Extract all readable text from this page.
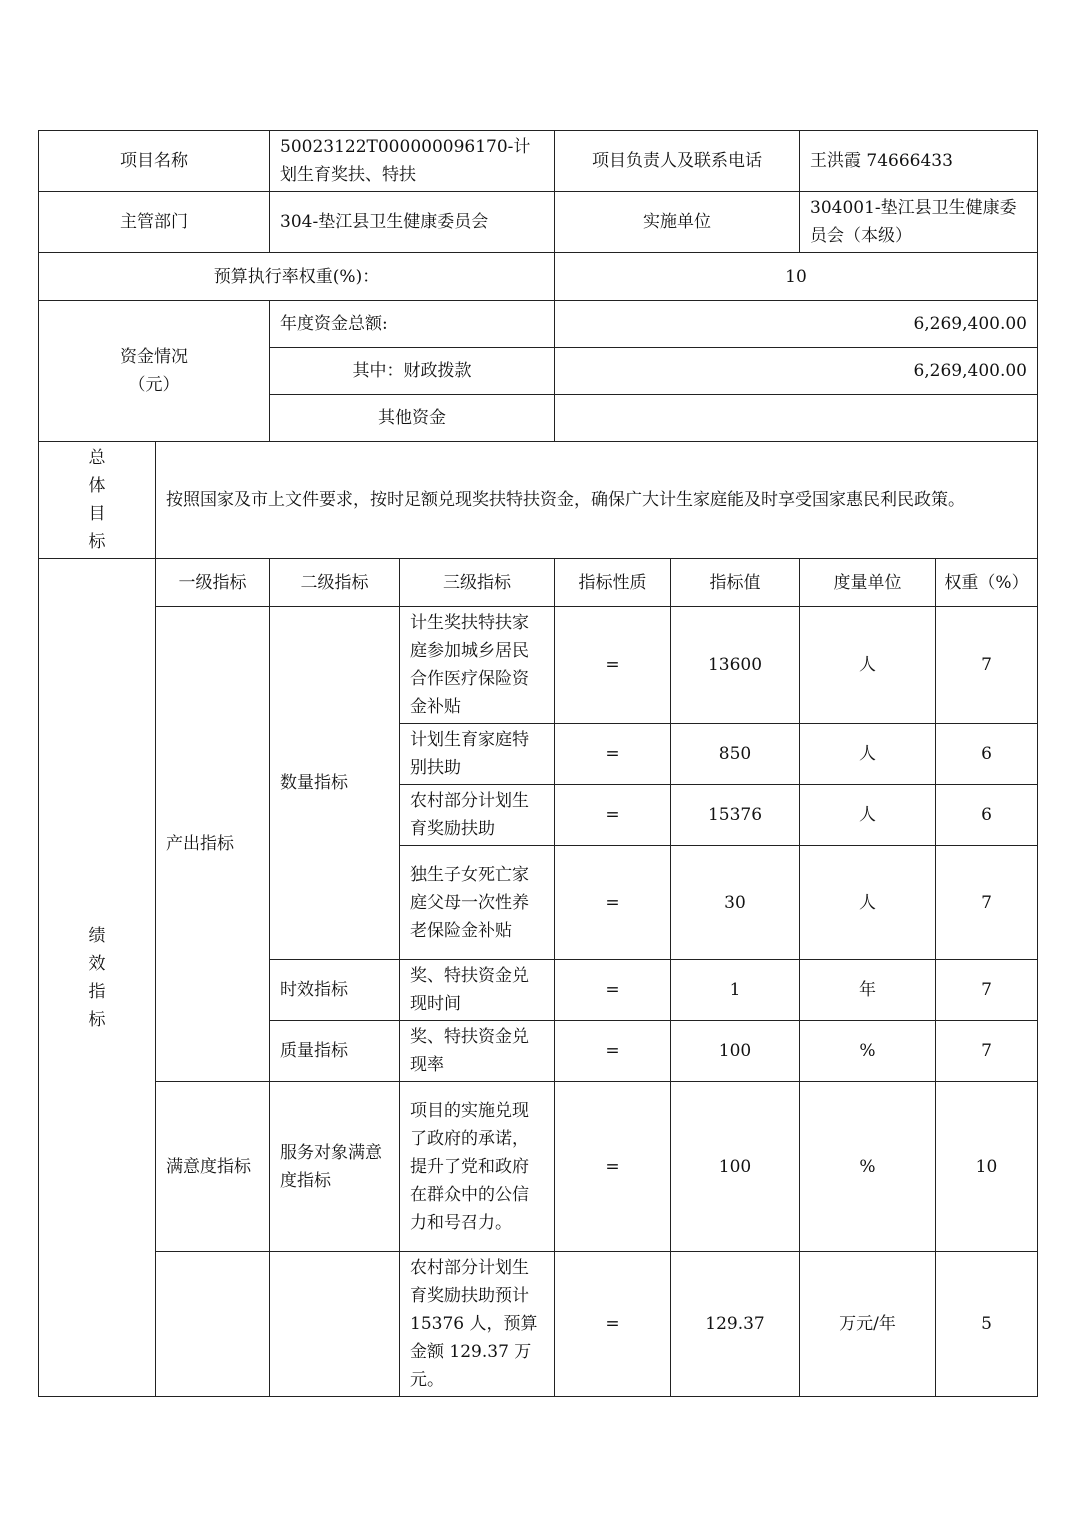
项目名称		50023122T000000096170-计划生育奖扶、特扶		项目负责人及联系电话		王洪霞 74666433	
主管部门		304-垫江县卫生健康委员会		实施单位		304001-垫江县卫生健康委员会（本级）	
预算执行率权重(%)：				10			

资金情况
（元）		年度资金总额:		6,269,400.00			
		其中：财政拨款		6,269,400.00			
		其他资金					

总
体
目
标	按照国家及市上文件要求，按时足额兑现奖扶特扶资金，确保广大计生家庭能及时享受国家惠民利民政策。						

绩
效
指
标	一级指标	二级指标	三级指标	指标性质	指标值	度量单位	权重（%）
	产出指标	数量指标	计生奖扶特扶家庭参加城乡居民合作医疗保险资金补贴	=	13600	人	7
			计划生育家庭特别扶助	=	850	人	6
			农村部分计划生育奖励扶助	=	15376	人	6
			独生子女死亡家庭父母一次性养老保险金补贴	=	30	人	7
		时效指标	奖、特扶资金兑现时间	=	1	年	7
		质量指标	奖、特扶资金兑现率	=	100	%	7
	满意度指标	服务对象满意度指标	项目的实施兑现了政府的承诺，提升了党和政府在群众中的公信力和号召力。	=	100	%	10
			农村部分计划生育奖励扶助预计 15376 人，预算金额 129.37 万元。	=	129.37	万元/年	5
